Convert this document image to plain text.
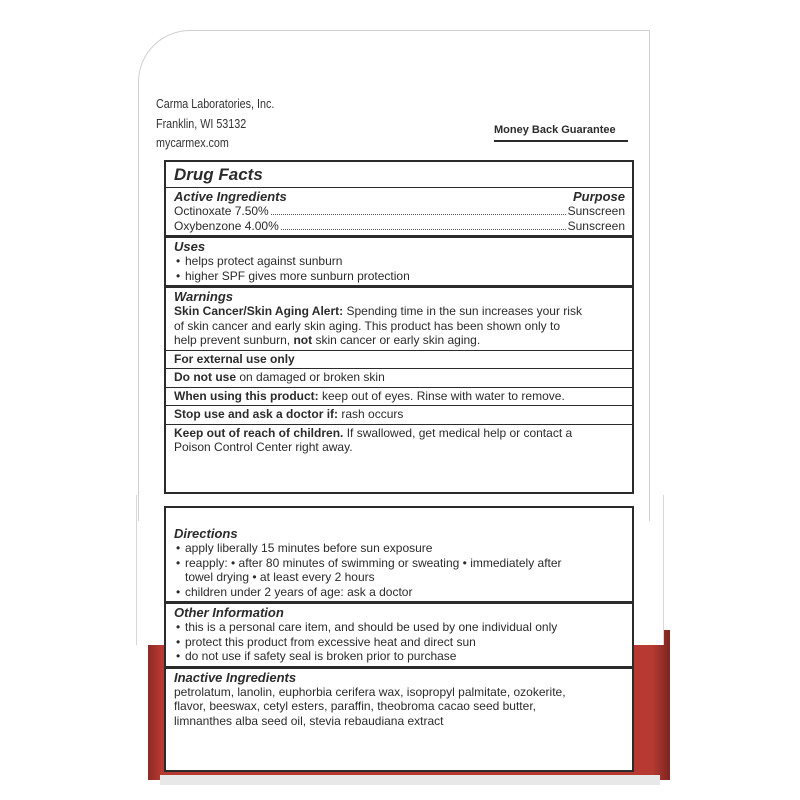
Carma Laboratories, Inc.
Franklin, WI 53132
mycarmex.com
Money Back Guarantee
Drug Facts
Active Ingredients	Purpose
Octinoxate 7.50%	Sunscreen
Oxybenzone 4.00%	Sunscreen
Uses
• helps protect against sunburn
• higher SPF gives more sunburn protection
Warnings
Skin Cancer/Skin Aging Alert: Spending time in the sun increases your risk
of skin cancer and early skin aging. This product has been shown only to
help prevent sunburn, not skin cancer or early skin aging.
For external use only
Do not use on damaged or broken skin
When using this product: keep out of eyes. Rinse with water to remove.
Stop use and ask a doctor if: rash occurs
Keep out of reach of children. If swallowed, get medical help or contact a
Poison Control Center right away.
Directions
• apply liberally 15 minutes before sun exposure
• reapply: • after 80 minutes of swimming or sweating • immediately after
towel drying • at least every 2 hours
• children under 2 years of age: ask a doctor
Other Information
• this is a personal care item, and should be used by one individual only
• protect this product from excessive heat and direct sun
• do not use if safety seal is broken prior to purchase
Inactive Ingredients
petrolatum, lanolin, euphorbia cerifera wax, isopropyl palmitate, ozokerite,
flavor, beeswax, cetyl esters, paraffin, theobroma cacao seed butter,
limnanthes alba seed oil, stevia rebaudiana extract
